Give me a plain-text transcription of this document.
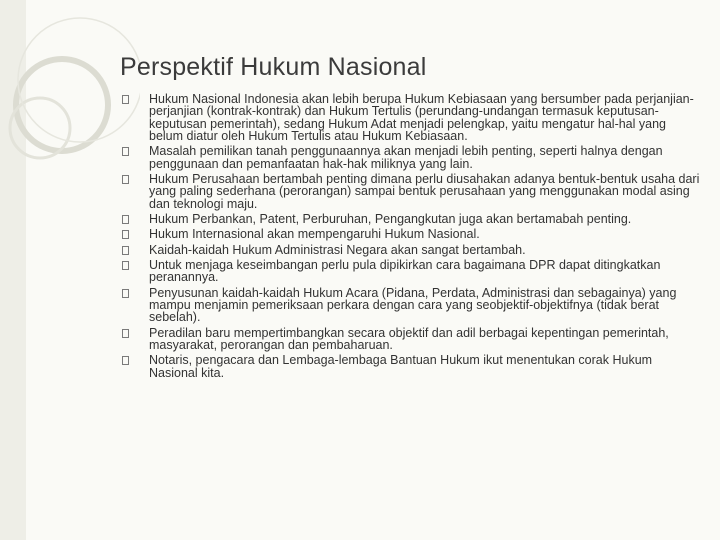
Perspektif Hukum Nasional
Hukum Nasional Indonesia akan lebih berupa Hukum Kebiasaan yang bersumber pada perjanjian-perjanjian (kontrak-kontrak) dan Hukum Tertulis (perundang-undangan termasuk keputusan-keputusan pemerintah), sedang Hukum Adat menjadi pelengkap, yaitu mengatur hal-hal yang belum diatur oleh Hukum Tertulis atau Hukum Kebiasaan.
Masalah pemilikan tanah penggunaannya akan menjadi lebih penting, seperti halnya dengan penggunaan dan pemanfaatan hak-hak miliknya yang lain.
Hukum Perusahaan bertambah penting dimana perlu diusahakan adanya bentuk-bentuk usaha dari yang paling sederhana (perorangan) sampai bentuk perusahaan yang menggunakan modal asing dan teknologi maju.
Hukum Perbankan, Patent, Perburuhan, Pengangkutan juga akan bertamabah penting.
Hukum Internasional akan mempengaruhi Hukum Nasional.
Kaidah-kaidah Hukum Administrasi Negara akan sangat bertambah.
Untuk menjaga keseimbangan perlu pula dipikirkan cara bagaimana DPR dapat ditingkatkan peranannya.
Penyusunan kaidah-kaidah Hukum Acara (Pidana, Perdata, Administrasi dan sebagainya) yang mampu menjamin pemeriksaan perkara dengan cara yang seobjektif-objektifnya (tidak berat sebelah).
Peradilan baru mempertimbangkan secara objektif dan adil berbagai kepentingan pemerintah, masyarakat, perorangan dan pembaharuan.
Notaris, pengacara dan Lembaga-lembaga Bantuan Hukum ikut menentukan corak Hukum Nasional kita.
